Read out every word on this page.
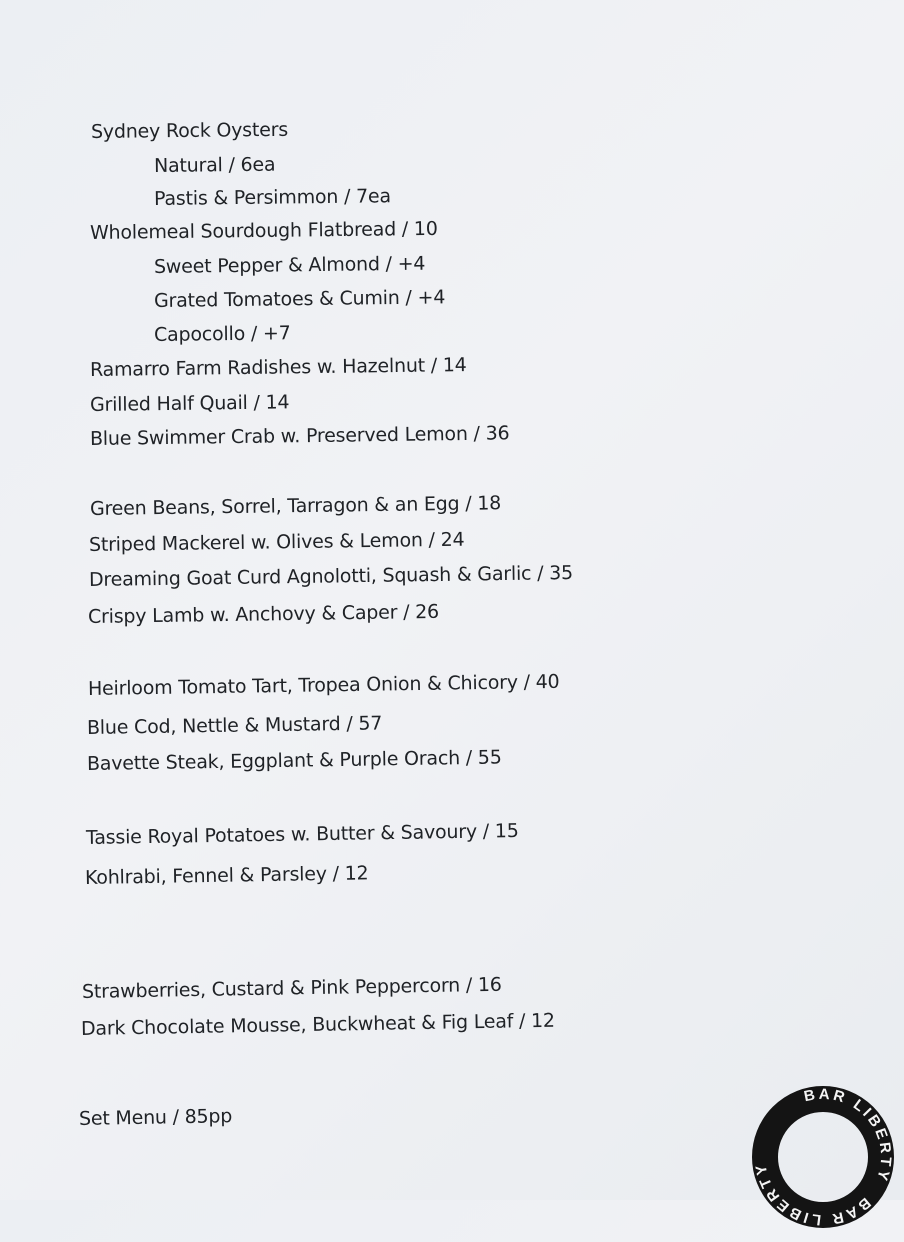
Sydney Rock Oysters
Natural / 6ea
Pastis & Persimmon / 7ea
Wholemeal Sourdough Flatbread / 10
Sweet Pepper & Almond / +4
Grated Tomatoes & Cumin / +4
Capocollo / +7
Ramarro Farm Radishes w. Hazelnut / 14
Grilled Half Quail / 14
Blue Swimmer Crab w. Preserved Lemon / 36
Green Beans, Sorrel, Tarragon & an Egg / 18
Striped Mackerel w. Olives & Lemon / 24
Dreaming Goat Curd Agnolotti, Squash & Garlic / 35
Crispy Lamb w. Anchovy & Caper / 26
Heirloom Tomato Tart, Tropea Onion & Chicory / 40
Blue Cod, Nettle & Mustard / 57
Bavette Steak, Eggplant & Purple Orach / 55
Tassie Royal Potatoes w. Butter & Savoury / 15
Kohlrabi, Fennel & Parsley / 12
Strawberries, Custard & Pink Peppercorn / 16
Dark Chocolate Mousse, Buckwheat & Fig Leaf / 12
Set Menu / 85pp
BAR LIBERTY
BAR LIBERTY
